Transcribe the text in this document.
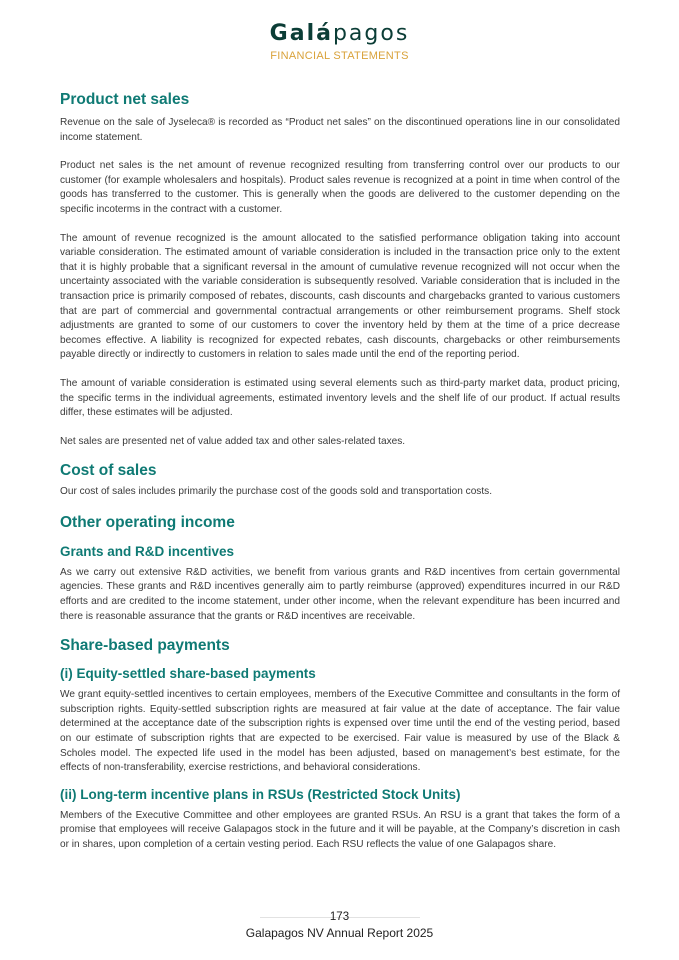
Galápagos
FINANCIAL STATEMENTS
Product net sales

Revenue on the sale of Jyseleca® is recorded as “Product net sales” on the discontinued operations line in our consolidated income statement.

Product net sales is the net amount of revenue recognized resulting from transferring control over our products to our customer (for example wholesalers and hospitals). Product sales revenue is recognized at a point in time when control of the goods has transferred to the customer. This is generally when the goods are delivered to the customer depending on the specific incoterms in the contract with a customer.

The amount of revenue recognized is the amount allocated to the satisfied performance obligation taking into account variable consideration. The estimated amount of variable consideration is included in the transaction price only to the extent that it is highly probable that a significant reversal in the amount of cumulative revenue recognized will not occur when the uncertainty associated with the variable consideration is subsequently resolved. Variable consideration that is included in the transaction price is primarily composed of rebates, discounts, cash discounts and chargebacks granted to various customers that are part of commercial and governmental contractual arrangements or other reimbursement programs. Shelf stock adjustments are granted to some of our customers to cover the inventory held by them at the time of a price decrease becomes effective. A liability is recognized for expected rebates, cash discounts, chargebacks or other reimbursements payable directly or indirectly to customers in relation to sales made until the end of the reporting period.

The amount of variable consideration is estimated using several elements such as third-party market data, product pricing, the specific terms in the individual agreements, estimated inventory levels and the shelf life of our product. If actual results differ, these estimates will be adjusted.

Net sales are presented net of value added tax and other sales-related taxes.

Cost of sales

Our cost of sales includes primarily the purchase cost of the goods sold and transportation costs.

Other operating income
Grants and R&D incentives

As we carry out extensive R&D activities, we benefit from various grants and R&D incentives from certain governmental agencies. These grants and R&D incentives generally aim to partly reimburse (approved) expenditures incurred in our R&D efforts and are credited to the income statement, under other income, when the relevant expenditure has been incurred and there is reasonable assurance that the grants or R&D incentives are receivable.

Share-based payments
(i) Equity-settled share-based payments

We grant equity-settled incentives to certain employees, members of the Executive Committee and consultants in the form of subscription rights. Equity-settled subscription rights are measured at fair value at the date of acceptance. The fair value determined at the acceptance date of the subscription rights is expensed over time until the end of the vesting period, based on our estimate of subscription rights that are expected to be exercised. Fair value is measured by use of the Black & Scholes model. The expected life used in the model has been adjusted, based on management’s best estimate, for the effects of non-transferability, exercise restrictions, and behavioral considerations.

(ii) Long-term incentive plans in RSUs (Restricted Stock Units)

Members of the Executive Committee and other employees are granted RSUs. An RSU is a grant that takes the form of a promise that employees will receive Galapagos stock in the future and it will be payable, at the Company’s discretion in cash or in shares, upon completion of a certain vesting period. Each RSU reflects the value of one Galapagos share.

173
Galapagos NV Annual Report 2025
